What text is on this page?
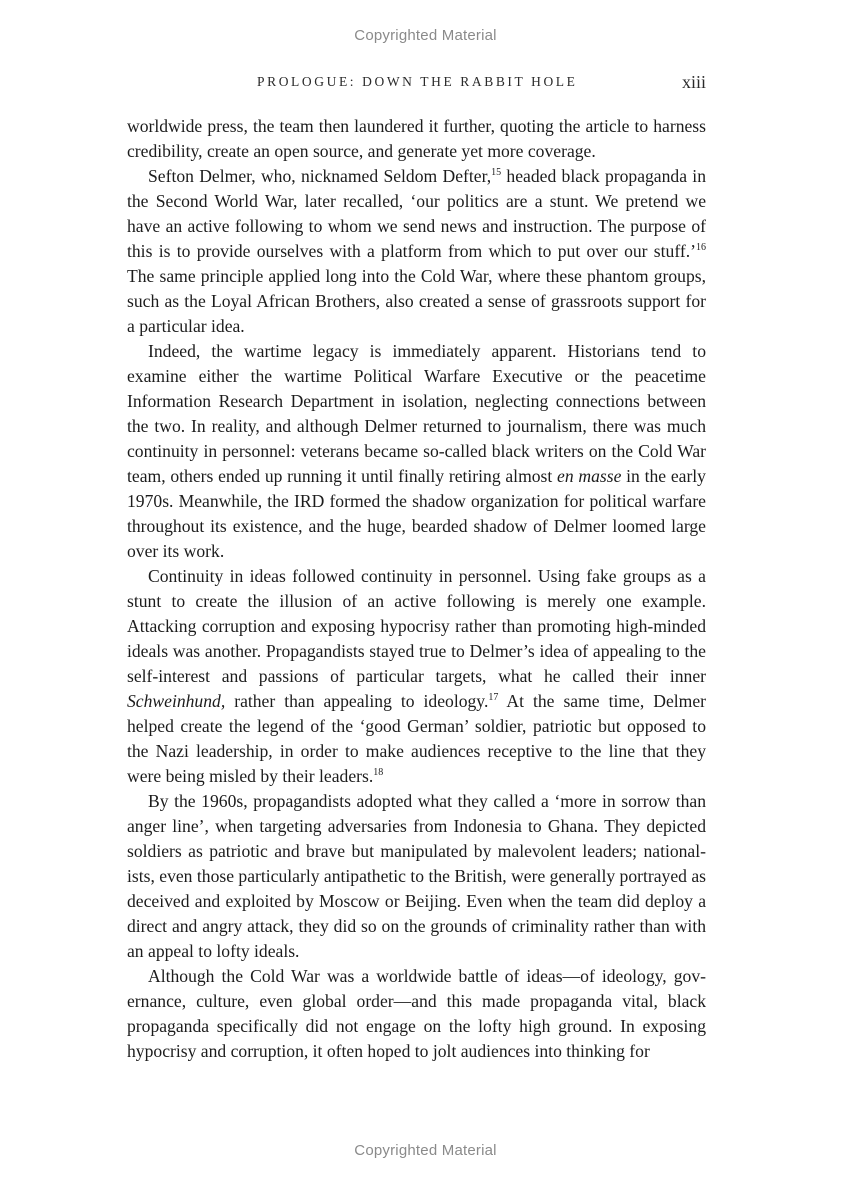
Copyrighted Material
PROLOGUE: DOWN THE RABBIT HOLE	xiii

worldwide press, the team then laundered it further, quoting the article to harness credibility, create an open source, and generate yet more coverage.

Sefton Delmer, who, nicknamed Seldom Defter,$^{15}$ headed black propaganda in the Second World War, later recalled, ‘our politics are a stunt. We pretend we have an active following to whom we send news and instruction. The purpose of this is to provide ourselves with a platform from which to put over our stuff.’$^{16}$ The same principle applied long into the Cold War, where these phantom groups, such as the Loyal African Brothers, also created a sense of grassroots support for a particular idea.

Indeed, the wartime legacy is immediately apparent. Historians tend to examine either the wartime Political Warfare Executive or the peacetime Information Research Department in isolation, neglecting connections between the two. In reality, and although Delmer returned to journalism, there was much continuity in personnel: veterans became so-called black writers on the Cold War team, others ended up running it until finally retiring almost en masse in the early 1970s. Meanwhile, the IRD formed the shadow organization for political warfare throughout its existence, and the huge, bearded shadow of Delmer loomed large over its work.

Continuity in ideas followed continuity in personnel. Using fake groups as a stunt to create the illusion of an active following is merely one example. Attacking corruption and exposing hypocrisy rather than promoting high-minded ideals was another. Propagandists stayed true to Delmer’s idea of appealing to the self-interest and passions of particular targets, what he called their inner Schweinhund, rather than appealing to ideology.$^{17}$ At the same time, Delmer helped create the legend of the ‘good German’ soldier, patriotic but opposed to the Nazi leadership, in order to make audiences receptive to the line that they were being misled by their leaders.$^{18}$

By the 1960s, propagandists adopted what they called a ‘more in sorrow than anger line’, when targeting adversaries from Indonesia to Ghana. They depicted soldiers as patriotic and brave but manipulated by malevolent leaders; nationalists, even those particularly antipathetic to the British, were generally portrayed as deceived and exploited by Moscow or Beijing. Even when the team did deploy a direct and angry attack, they did so on the grounds of criminality rather than with an appeal to lofty ideals.

Although the Cold War was a worldwide battle of ideas—of ideology, governance, culture, even global order—and this made propaganda vital, black propaganda specifically did not engage on the lofty high ground. In exposing hypocrisy and corruption, it often hoped to jolt audiences into thinking for

Copyrighted Material
